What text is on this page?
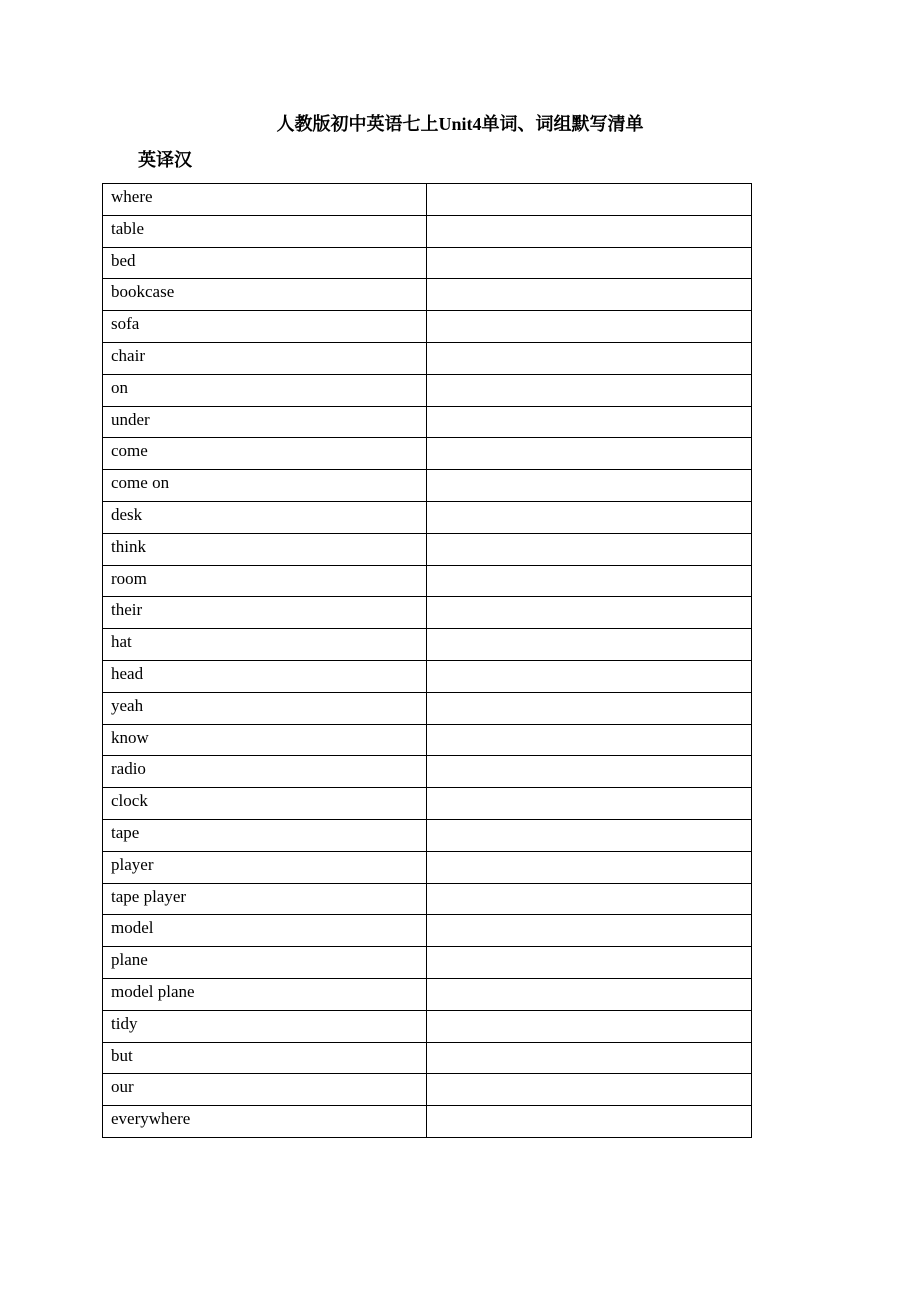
人教版初中英语七上Unit4单词、词组默写清单
英译汉
where	
table	
bed	
bookcase	
sofa	
chair	
on	
under	
come	
come on	
desk	
think	
room	
their	
hat	
head	
yeah	
know	
radio	
clock	
tape	
player	
tape player	
model	
plane	
model plane	
tidy	
but	
our	
everywhere	
